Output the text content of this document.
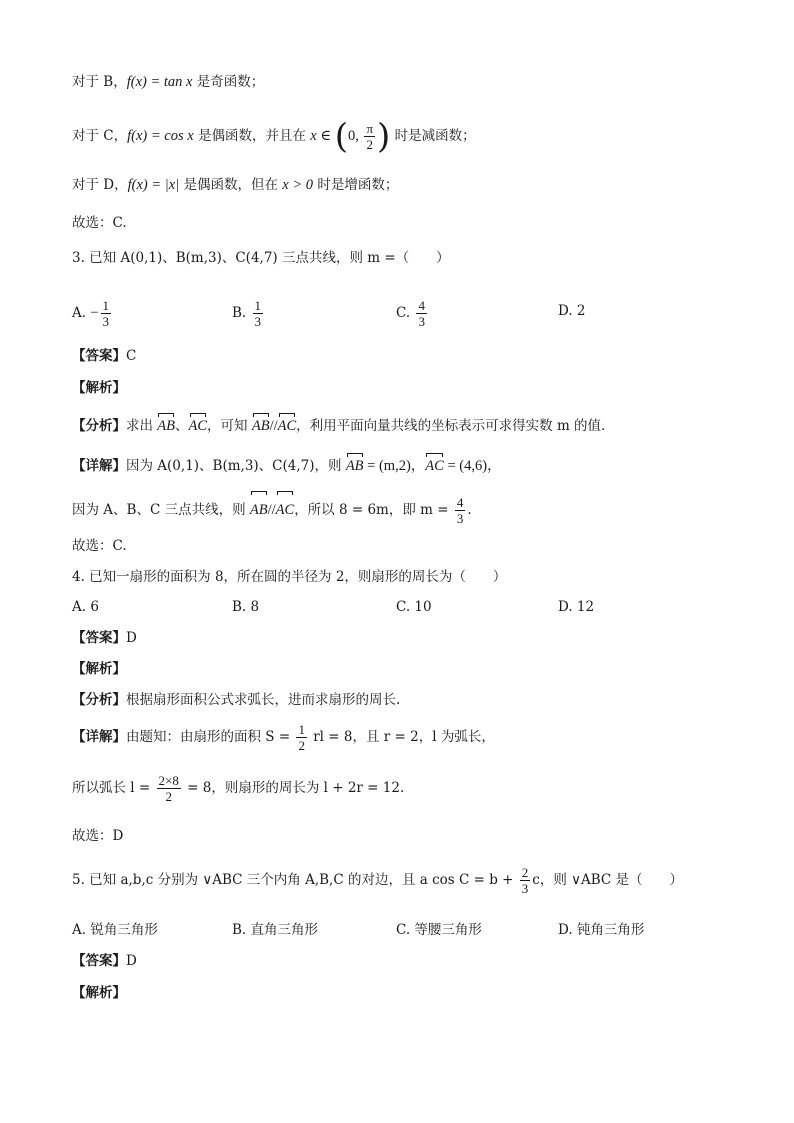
对于 B，f(x) = tan x 是奇函数；
对于 C，f(x) = cos x 是偶函数，并且在 x ∈ (0, $\frac{\pi}{2}$ ) 时是减函数；
对于 D，f(x) = |x| 是偶函数，但在 x > 0 时是增函数；
故选：C.
3. 已知 A(0,1)、B(m,3)、C(4,7) 三点共线，则 m =（　　）
A. − $\frac{1}{3}$	B. $\frac{1}{3}$	C. $\frac{4}{3}$	D. 2
【答案】C
【解析】
【分析】求出 AB、AC，可知 AB//AC，利用平面向量共线的坐标表示可求得实数 m 的值.
【详解】因为 A(0,1)、B(m,3)、C(4,7)，则 AB = (m,2)，AC = (4,6)，
因为 A、B、C 三点共线，则 AB//AC，所以 8 = 6m，即 $m = \frac{4}{3}$ .
故选：C.
4. 已知一扇形的面积为 8，所在圆的半径为 2，则扇形的周长为（　　）
A. 6	B. 8	C. 10	D. 12
【答案】D
【解析】
【分析】根据扇形面积公式求弧长，进而求扇形的周长.
【详解】由题知：由扇形的面积 $S = \frac{1}{2}$ rl = 8，且 r = 2，l 为弧长，
所以弧长 $l = \frac{2\times 8}{2} = 8$，则扇形的周长为 l + 2r = 12.
故选：D
5. 已知 a,b,c 分别为 ∨ABC 三个内角 A,B,C 的对边，且 a $\cos C = b + \frac{2}{3}$ c，则 ∨ABC 是（　　）
A. 锐角三角形	B. 直角三角形	C. 等腰三角形	D. 钝角三角形
【答案】D
【解析】
